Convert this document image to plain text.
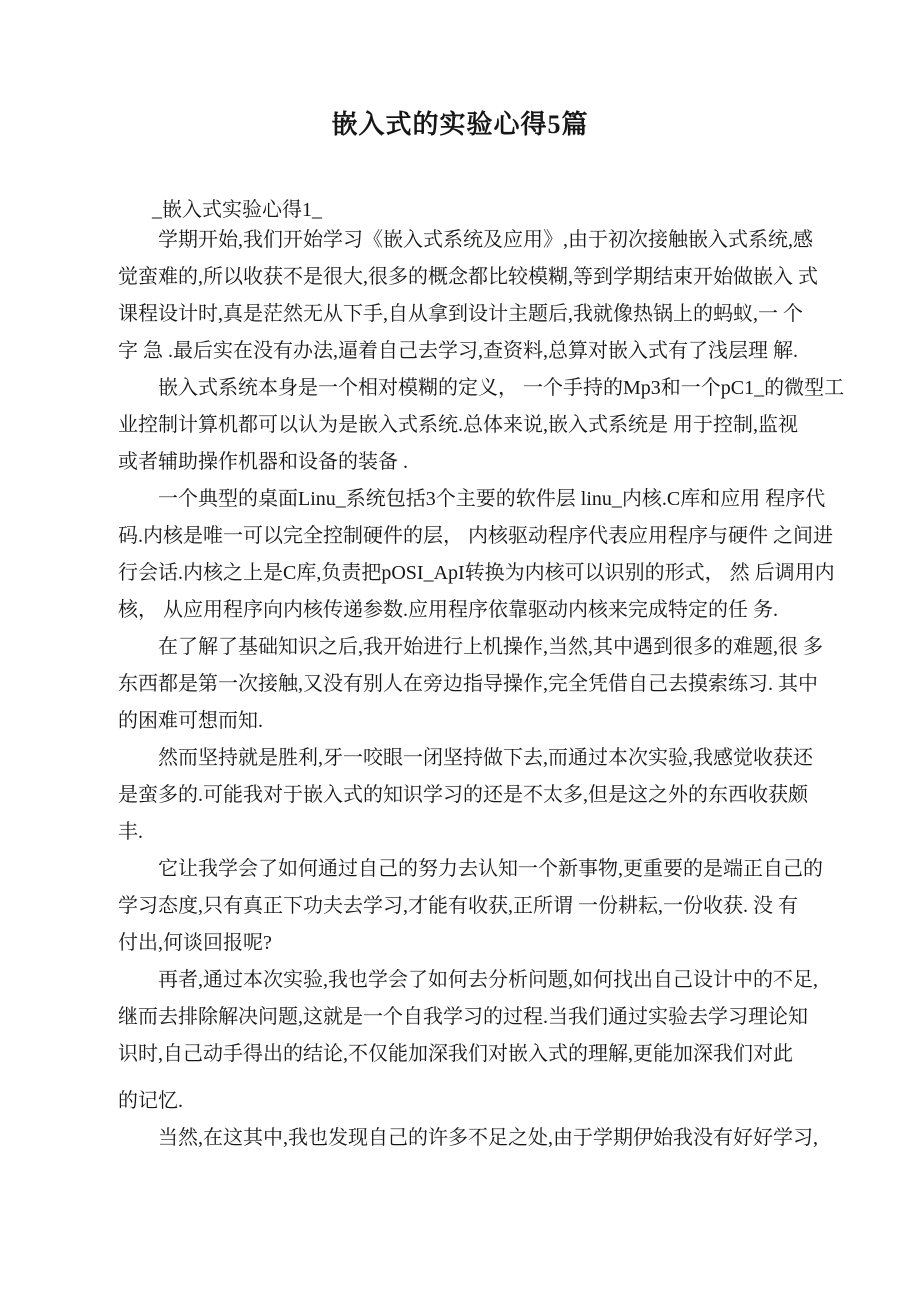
嵌入式的实验心得5篇
_嵌入式实验心得1_
学期开始,我们开始学习《嵌入式系统及应用》,由于初次接触嵌入式系统,感
觉蛮难的,所以收获不是很大,很多的概念都比较模糊,等到学期结束开始做嵌入 式
课程设计时,真是茫然无从下手,自从拿到设计主题后,我就像热锅上的蚂蚁,一 个
字 急 .最后实在没有办法,逼着自己去学习,查资料,总算对嵌入式有了浅层理 解.
嵌入式系统本身是一个相对模糊的定义， 一个手持的Mp3和一个pC1_的微型工
业控制计算机都可以认为是嵌入式系统.总体来说,嵌入式系统是 用于控制,监视
或者辅助操作机器和设备的装备 .
一个典型的桌面Linu_系统包括3个主要的软件层 linu_内核.C库和应用 程序代
码.内核是唯一可以完全控制硬件的层， 内核驱动程序代表应用程序与硬件 之间进
行会话.内核之上是C库,负责把pOSI_ApI转换为内核可以识别的形式， 然 后调用内
核， 从应用程序向内核传递参数.应用程序依靠驱动内核来完成特定的任 务.
在了解了基础知识之后,我开始进行上机操作,当然,其中遇到很多的难题,很 多
东西都是第一次接触,又没有别人在旁边指导操作,完全凭借自己去摸索练习. 其中
的困难可想而知.
然而坚持就是胜利,牙一咬眼一闭坚持做下去,而通过本次实验,我感觉收获还
是蛮多的.可能我对于嵌入式的知识学习的还是不太多,但是这之外的东西收获颇
丰.
它让我学会了如何通过自己的努力去认知一个新事物,更重要的是端正自己的
学习态度,只有真正下功夫去学习,才能有收获,正所谓 一份耕耘,一份收获. 没 有
付出,何谈回报呢?
再者,通过本次实验,我也学会了如何去分析问题,如何找出自己设计中的不足,
继而去排除解决问题,这就是一个自我学习的过程.当我们通过实验去学习理论知
识时,自己动手得出的结论,不仅能加深我们对嵌入式的理解,更能加深我们对此
的记忆.
当然,在这其中,我也发现自己的许多不足之处,由于学期伊始我没有好好学习,
